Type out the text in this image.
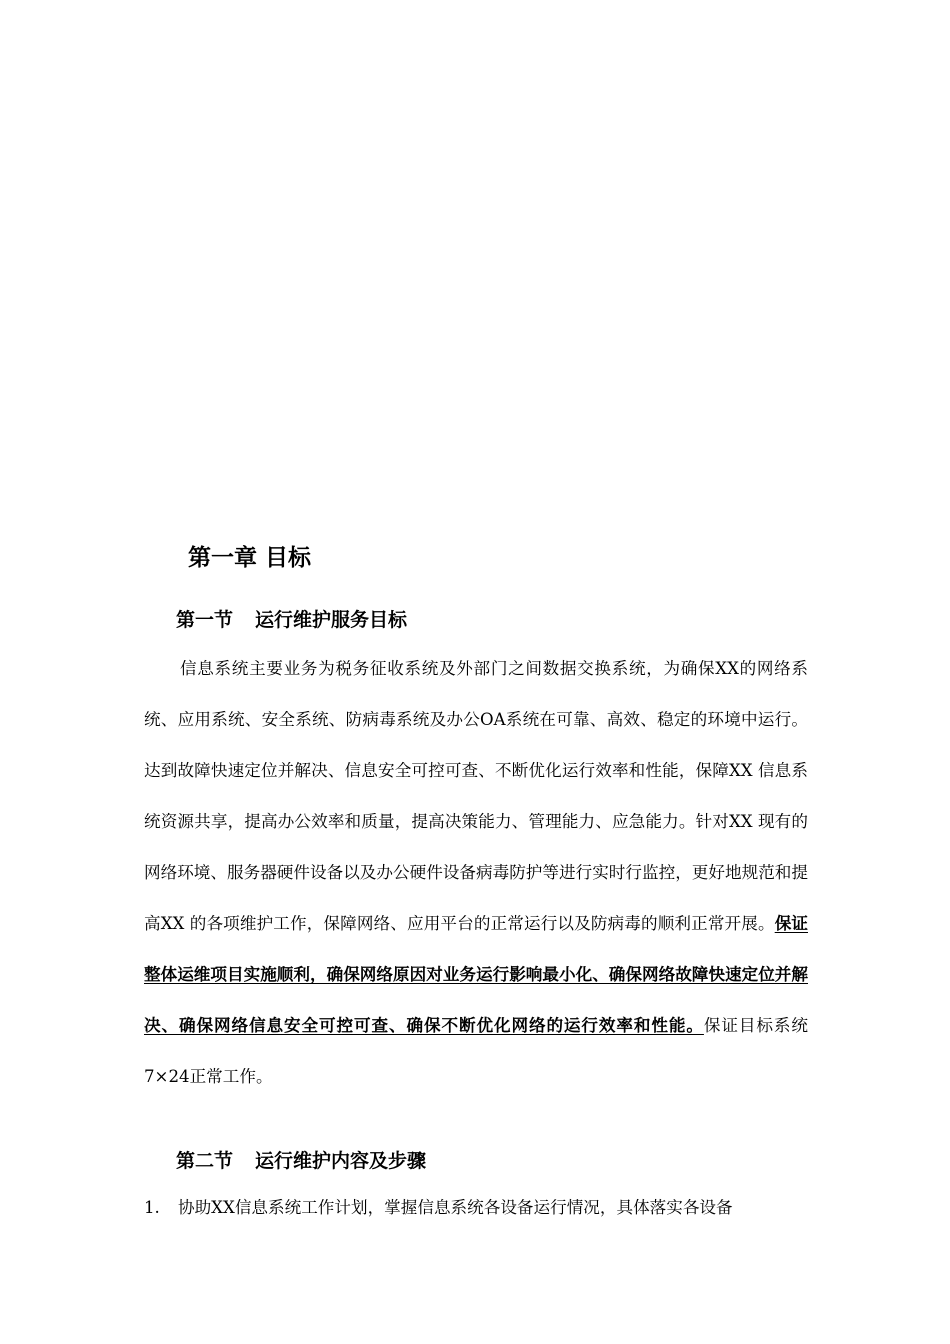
第一章 目标
第一节 运行维护服务目标
信息系统主要业务为税务征收系统及外部门之间数据交换系统，为确保XX的网络系统、应用系统、安全系统、防病毒系统及办公OA系统在可靠、高效、稳定的环境中运行。达到故障快速定位并解决、信息安全可控可查、不断优化运行效率和性能，保障XX 信息系统资源共享，提高办公效率和质量，提高决策能力、管理能力、应急能力。针对XX 现有的网络环境、服务器硬件设备以及办公硬件设备病毒防护等进行实时行监控，更好地规范和提高XX 的各项维护工作，保障网络、应用平台的正常运行以及防病毒的顺利正常开展。保证整体运维项目实施顺利，确保网络原因对业务运行影响最小化、确保网络故障快速定位并解决、确保网络信息安全可控可查、确保不断优化网络的运行效率和性能。保证目标系统7×24正常工作。
第二节 运行维护内容及步骤
1. 协助XX信息系统工作计划，掌握信息系统各设备运行情况，具体落实各设备
